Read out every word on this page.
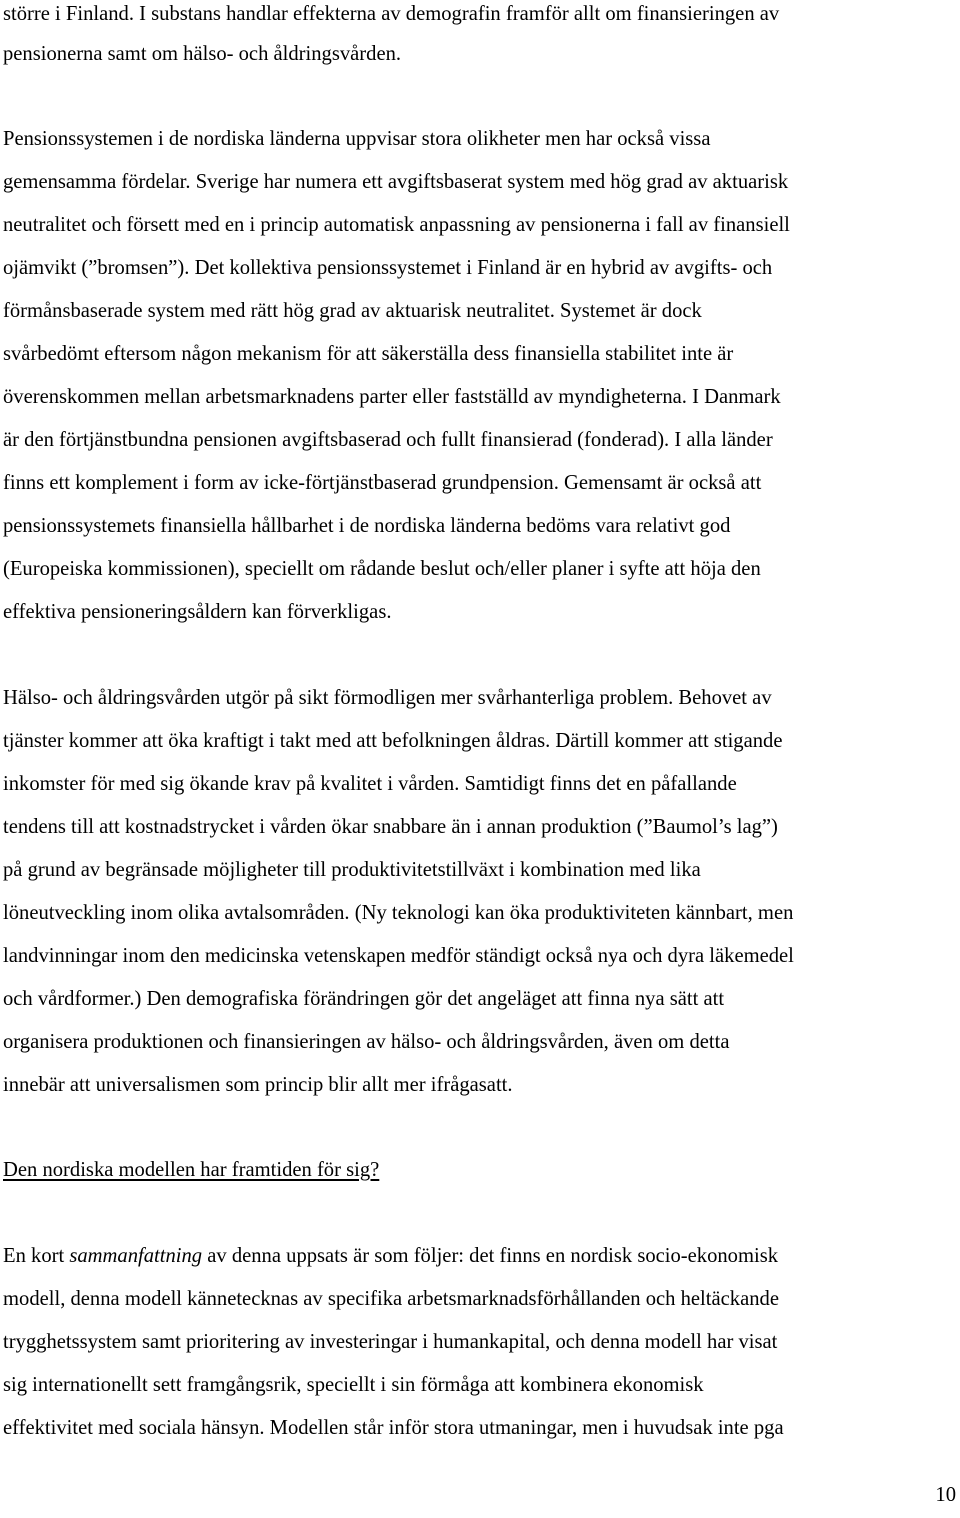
större i Finland. I substans handlar effekterna av demografin framför allt om finansieringen av

pensionerna samt om hälso- och åldringsvården.

Pensionssystemen i de nordiska länderna uppvisar stora olikheter men har också vissa

gemensamma fördelar. Sverige har numera ett avgiftsbaserat system med hög grad av aktuarisk

neutralitet och försett med en i princip automatisk anpassning av pensionerna i fall av finansiell

ojämvikt (”bromsen”). Det kollektiva pensionssystemet i Finland är en hybrid av avgifts- och

förmånsbaserade system med rätt hög grad av aktuarisk neutralitet. Systemet är dock

svårbedömt eftersom någon mekanism för att säkerställa dess finansiella stabilitet inte är

överenskommen mellan arbetsmarknadens parter eller fastställd av myndigheterna. I Danmark

är den förtjänstbundna pensionen avgiftsbaserad och fullt finansierad (fonderad). I alla länder

finns ett komplement i form av icke-förtjänstbaserad grundpension. Gemensamt är också att

pensionssystemets finansiella hållbarhet i de nordiska länderna bedöms vara relativt god

(Europeiska kommissionen), speciellt om rådande beslut och/eller planer i syfte att höja den

effektiva pensioneringsåldern kan förverkligas.

Hälso- och åldringsvården utgör på sikt förmodligen mer svårhanterliga problem. Behovet av

tjänster kommer att öka kraftigt i takt med att befolkningen åldras. Därtill kommer att stigande

inkomster för med sig ökande krav på kvalitet i vården. Samtidigt finns det en påfallande

tendens till att kostnadstrycket i vården ökar snabbare än i annan produktion (”Baumol’s lag”)

på grund av begränsade möjligheter till produktivitetstillväxt i kombination med lika

löneutveckling inom olika avtalsområden. (Ny teknologi kan öka produktiviteten kännbart, men

landvinningar inom den medicinska vetenskapen medför ständigt också nya och dyra läkemedel

och vårdformer.) Den demografiska förändringen gör det angeläget att finna nya sätt att

organisera produktionen och finansieringen av hälso- och åldringsvården, även om detta

innebär att universalismen som princip blir allt mer ifrågasatt.

Den nordiska modellen har framtiden för sig?

En kort sammanfattning av denna uppsats är som följer: det finns en nordisk socio-ekonomisk

modell, denna modell kännetecknas av specifika arbetsmarknadsförhållanden och heltäckande

trygghetssystem samt prioritering av investeringar i humankapital, och denna modell har visat

sig internationellt sett framgångsrik, speciellt i sin förmåga att kombinera ekonomisk

effektivitet med sociala hänsyn. Modellen står inför stora utmaningar, men i huvudsak inte pga

10
